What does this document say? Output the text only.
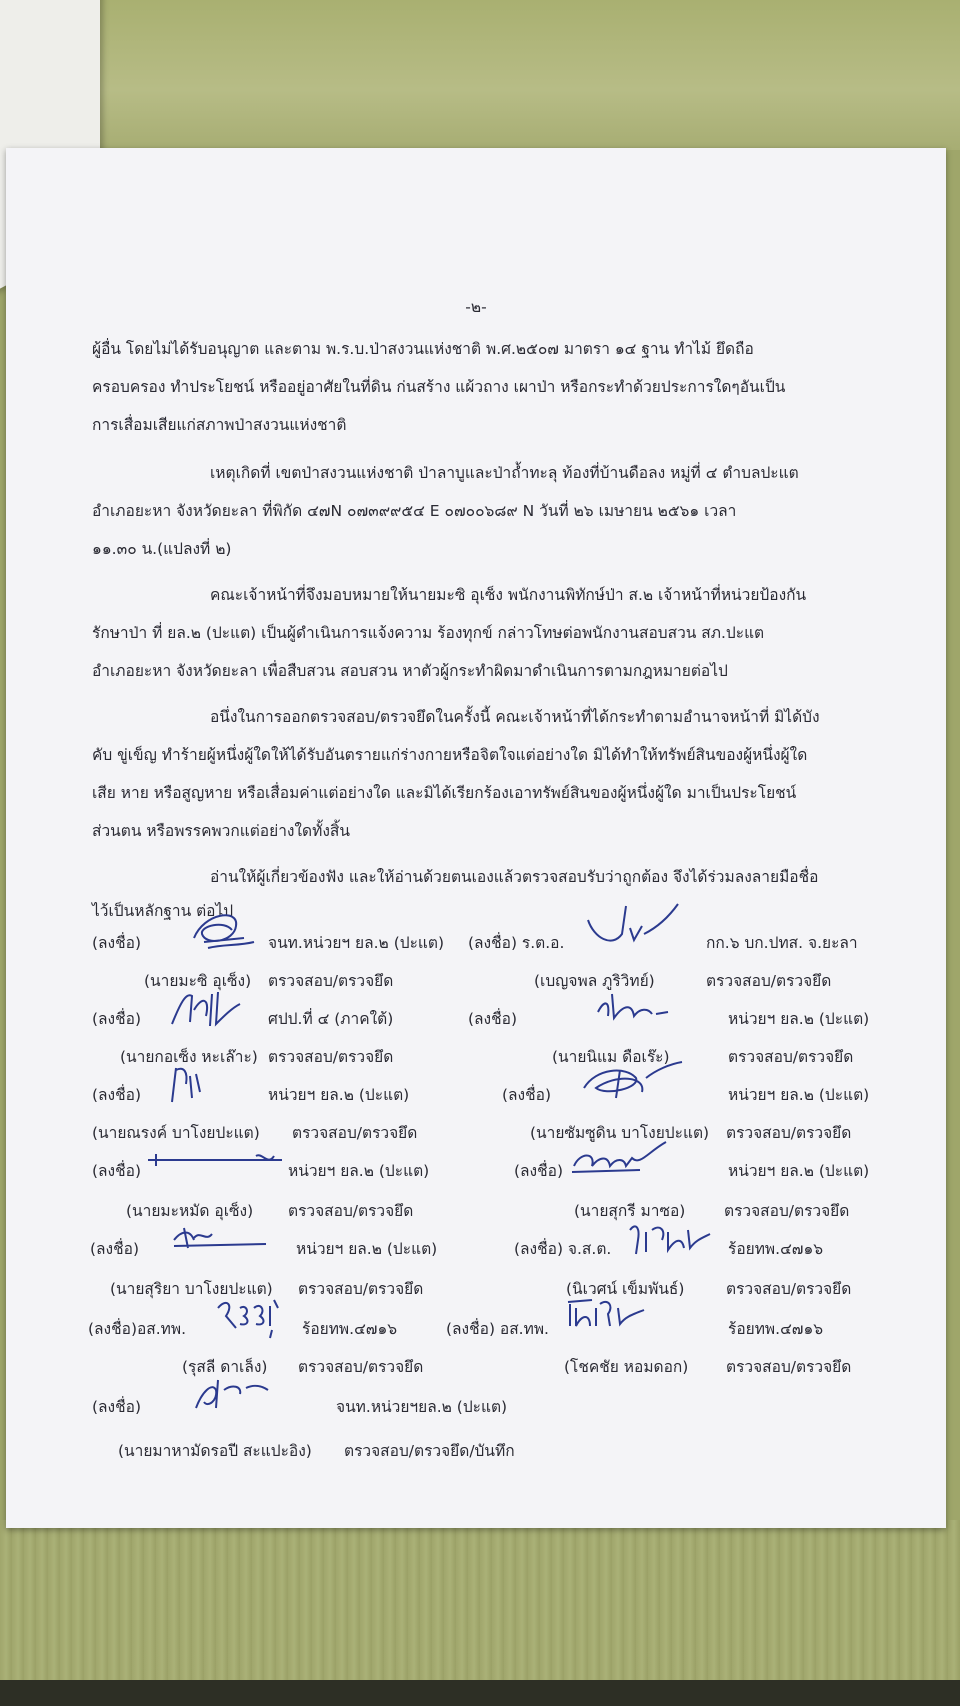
-๒-
ผู้อื่น โดยไม่ได้รับอนุญาต และตาม พ.ร.บ.ป่าสงวนแห่งชาติ พ.ศ.๒๕๐๗ มาตรา ๑๔ ฐาน ทำไม้ ยึดถือ
ครอบครอง ทำประโยชน์ หรืออยู่อาศัยในที่ดิน ก่นสร้าง แผ้วถาง เผาป่า หรือกระทำด้วยประการใดๆอันเป็น
การเสื่อมเสียแก่สภาพป่าสงวนแห่งชาติ
เหตุเกิดที่ เขตป่าสงวนแห่งชาติ ป่าลาบูและป่าถ้ำทะลุ ท้องที่บ้านดือลง หมู่ที่ ๔ ตำบลปะแต
อำเภอยะหา จังหวัดยะลา ที่พิกัด ๔๗N ๐๗๓๙๙๕๔ E ๐๗๐๐๖๘๙ N วันที่ ๒๖ เมษายน ๒๕๖๑ เวลา
๑๑.๓๐ น.(แปลงที่ ๒)
คณะเจ้าหน้าที่จึงมอบหมายให้นายมะซิ อุเซ็ง พนักงานพิทักษ์ป่า ส.๒ เจ้าหน้าที่หน่วยป้องกัน
รักษาป่า ที่ ยล.๒ (ปะแต) เป็นผู้ดำเนินการแจ้งความ ร้องทุกข์ กล่าวโทษต่อพนักงานสอบสวน สภ.ปะแต
อำเภอยะหา จังหวัดยะลา เพื่อสืบสวน สอบสวน หาตัวผู้กระทำผิดมาดำเนินการตามกฎหมายต่อไป
อนึ่งในการออกตรวจสอบ/ตรวจยึดในครั้งนี้ คณะเจ้าหน้าที่ได้กระทำตามอำนาจหน้าที่ มิได้บัง
คับ ขู่เข็ญ ทำร้ายผู้หนึ่งผู้ใดให้ได้รับอันตรายแก่ร่างกายหรือจิตใจแต่อย่างใด มิได้ทำให้ทรัพย์สินของผู้หนึ่งผู้ใด
เสีย หาย หรือสูญหาย หรือเสื่อมค่าแต่อย่างใด และมิได้เรียกร้องเอาทรัพย์สินของผู้หนึ่งผู้ใด มาเป็นประโยชน์
ส่วนตน หรือพรรคพวกแต่อย่างใดทั้งสิ้น
อ่านให้ผู้เกี่ยวข้องฟัง และให้อ่านด้วยตนเองแล้วตรวจสอบรับว่าถูกต้อง จึงได้ร่วมลงลายมือชื่อ
ไว้เป็นหลักฐาน ต่อไป
(ลงชื่อ)	จนท.หน่วยฯ ยล.๒ (ปะแต) (ลงชื่อ) ร.ต.อ.	กก.๖ บก.ปทส. จ.ยะลา
(นายมะซิ อุเซ็ง) ตรวจสอบ/ตรวจยึด	(เบญจพล ภูริวิทย์)	ตรวจสอบ/ตรวจยึด
(ลงชื่อ)	ศปป.ที่ ๔ (ภาคใต้)	(ลงชื่อ)	หน่วยฯ ยล.๒ (ปะแต)
(นายกอเซ็ง หะเล๊าะ) ตรวจสอบ/ตรวจยึด	(นายนิแม ดือเร๊ะ)	ตรวจสอบ/ตรวจยึด
(ลงชื่อ)	หน่วยฯ ยล.๒ (ปะแต)	(ลงชื่อ)	หน่วยฯ ยล.๒ (ปะแต)
(นายณรงค์ บาโงยปะแต) ตรวจสอบ/ตรวจยึด	(นายซัมซูดิน บาโงยปะแต) ตรวจสอบ/ตรวจยึด
(ลงชื่อ)	หน่วยฯ ยล.๒ (ปะแต)	(ลงชื่อ)	หน่วยฯ ยล.๒ (ปะแต)
(นายมะหมัด อุเซ็ง) ตรวจสอบ/ตรวจยึด	(นายสุกรี มาซอ) ตรวจสอบ/ตรวจยึด
(ลงชื่อ)	หน่วยฯ ยล.๒ (ปะแต)	(ลงชื่อ) จ.ส.ต.	ร้อยทพ.๔๗๑๖
(นายสุริยา บาโงยปะแต) ตรวจสอบ/ตรวจยึด	(นิเวศน์ เข็มพันธ์)	ตรวจสอบ/ตรวจยึด
(ลงชื่อ)อส.ทพ.	ร้อยทพ.๔๗๑๖	(ลงชื่อ) อส.ทพ.	ร้อยทพ.๔๗๑๖
(รุสลี ดาเล็ง) ตรวจสอบ/ตรวจยึด	(โชคชัย หอมดอก) ตรวจสอบ/ตรวจยึด
(ลงชื่อ)	จนท.หน่วยฯยล.๒ (ปะแต)
(นายมาหามัดรอปี สะแปะอิง) ตรวจสอบ/ตรวจยึด/บันทึก
